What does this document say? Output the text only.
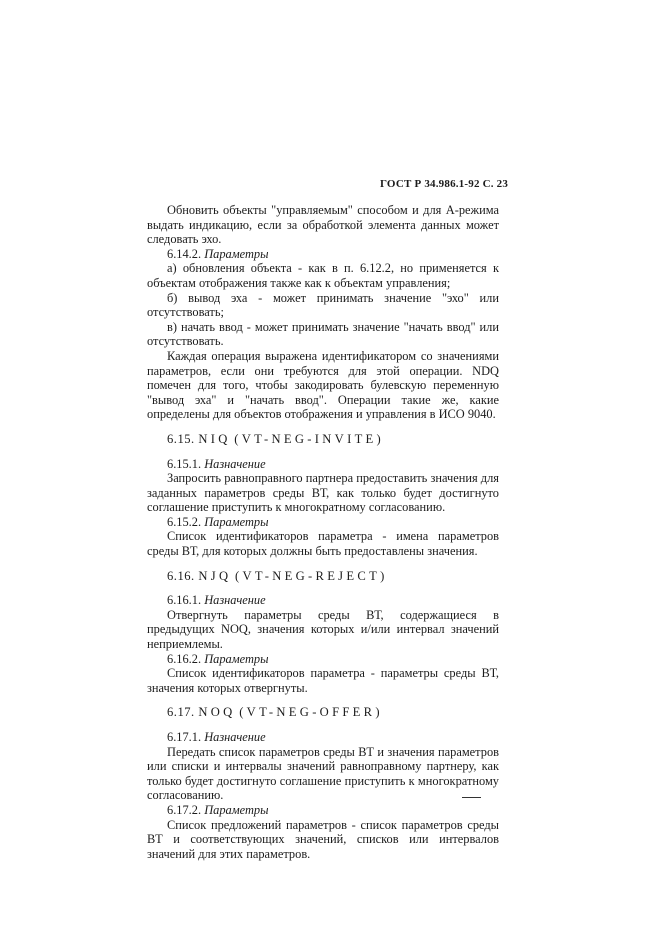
ГОСТ Р 34.986.1-92 С. 23

Обновить объекты "управляемым" способом и для А-режима выдать индикацию, если за обработкой элемента данных может следовать эхо.

6.14.2. Параметры

а) обновления объекта - как в п. 6.12.2, но применяется к объектам отображения также как к объектам управления;

б) вывод эха - может принимать значение "эхо" или отсутствовать;

в) начать ввод - может принимать значение "начать ввод" или отсутствовать.

Каждая операция выражена идентификатором со значениями параметров, если они требуются для этой операции. NDQ помечен для того, чтобы закодировать булевскую переменную "вывод эха" и "начать ввод". Операции такие же, какие определены для объектов отображения и управления в ИСО 9040.

6.15. NIQ (VT-NEG-INVITE)

6.15.1. Назначение

Запросить равноправного партнера предоставить значения для заданных параметров среды ВТ, как только будет достигнуто соглашение приступить к многократному согласованию.

6.15.2. Параметры

Список идентификаторов параметра - имена параметров среды ВТ, для которых должны быть предоставлены значения.

6.16. NJQ (VT-NEG-REJECT)

6.16.1. Назначение

Отвергнуть параметры среды ВТ, содержащиеся в предыдущих NOQ, значения которых и/или интервал значений неприемлемы.

6.16.2. Параметры

Список идентификаторов параметра - параметры среды ВТ, значения которых отвергнуты.

6.17. NOQ (VT-NEG-OFFER)

6.17.1. Назначение

Передать список параметров среды ВТ и значения параметров или списки и интервалы значений равноправному партнеру, как только будет достигнуто соглашение приступить к многократному согласованию.

6.17.2. Параметры

Список предложений параметров - список параметров среды ВТ и соответствующих значений, списков или интервалов значений для этих параметров.
